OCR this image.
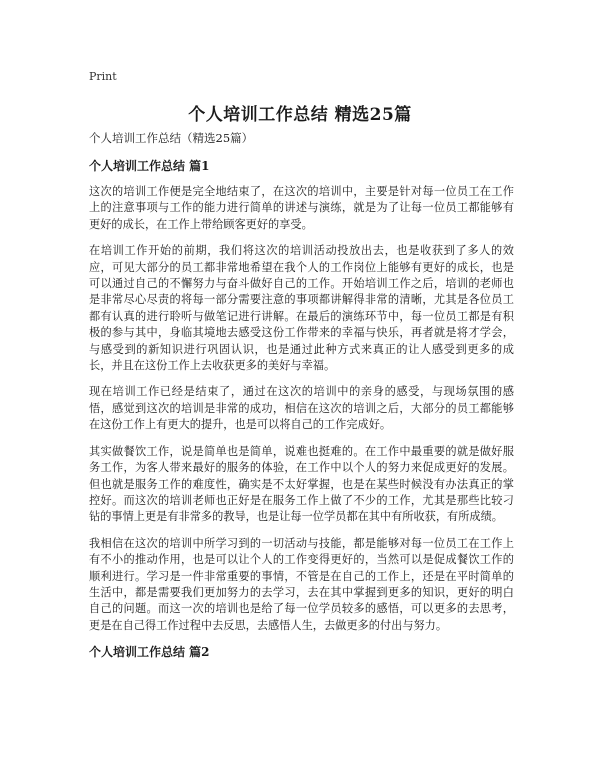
Print
个人培训工作总结 精选25篇

个人培训工作总结（精选25篇）

个人培训工作总结 篇1

这次的培训工作便是完全地结束了，在这次的培训中，主要是针对每一位员工在工作上的注意事项与工作的能力进行简单的讲述与演练，就是为了让每一位员工都能够有更好的成长，在工作上带给顾客更好的享受。

在培训工作开始的前期，我们将这次的培训活动投放出去，也是收获到了多人的效应，可见大部分的员工都非常地希望在我个人的工作岗位上能够有更好的成长，也是可以通过自己的不懈努力与奋斗做好自己的工作。开始培训工作之后，培训的老师也是非常尽心尽责的将每一部分需要注意的事项都讲解得非常的清晰，尤其是各位员工都有认真的进行聆听与做笔记进行讲解。在最后的演练环节中，每一位员工都是有积极的参与其中，身临其境地去感受这份工作带来的幸福与快乐，再者就是将才学会，与感受到的新知识进行巩固认识，也是通过此种方式来真正的让人感受到更多的成长，并且在这份工作上去收获更多的美好与幸福。

现在培训工作已经是结束了，通过在这次的培训中的亲身的感受，与现场氛围的感悟，感觉到这次的培训是非常的成功，相信在这次的培训之后，大部分的员工都能够在这份工作上有更大的提升，也是可以将自己的工作完成好。

其实做餐饮工作，说是简单也是简单，说难也挺难的。在工作中最重要的就是做好服务工作，为客人带来最好的服务的体验，在工作中以个人的努力来促成更好的发展。但也就是服务工作的难度性，确实是不太好掌握，也是在某些时候没有办法真正的掌控好。而这次的培训老师也正好是在服务工作上做了不少的工作，尤其是那些比较刁钻的事情上更是有非常多的教导，也是让每一位学员都在其中有所收获，有所成绩。

我相信在这次的培训中所学习到的一切活动与技能，都是能够对每一位员工在工作上有不小的推动作用，也是可以让个人的工作变得更好的，当然可以是促成餐饮工作的顺利进行。学习是一件非常重要的事情，不管是在自己的工作上，还是在平时简单的生活中，都是需要我们更加努力的去学习，去在其中掌握到更多的知识，更好的明白自己的问题。而这一次的培训也是给了每一位学员较多的感悟，可以更多的去思考，更是在自己得工作过程中去反思，去感悟人生，去做更多的付出与努力。

个人培训工作总结 篇2
